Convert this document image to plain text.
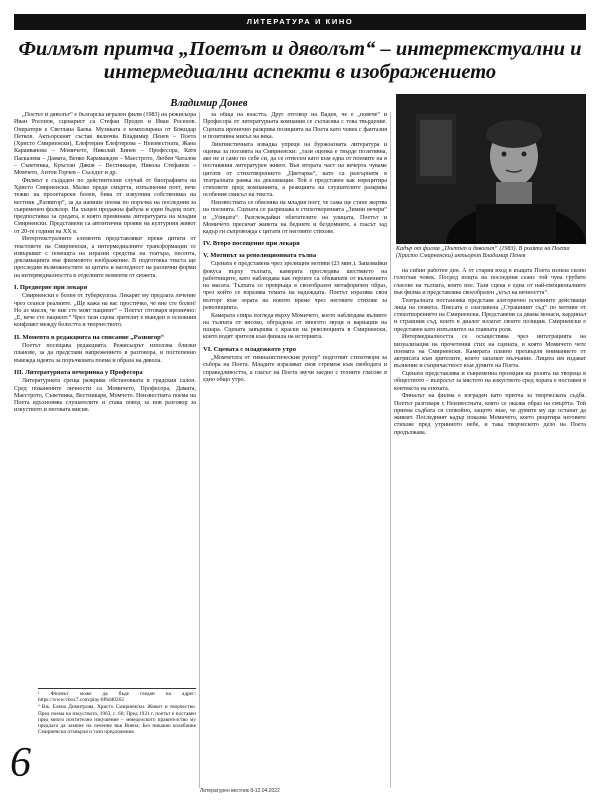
ЛИТЕРАТУРА И КИНО
Филмът притча „Поетът и дяволът“ – интертекстуални и интермедиални аспекти в изображението
Владимир Донев
Кадър от филма „Поетът и дяволът“ (1983). В ролята на Поета (Христо Смирненски) актьорът Владимир Пенев

„Поетът и дяволът“ е българска игрален филм (1983) на режисьора Иван Росенов, сценарист са Стефан Продев и Иван Росенов. Оператори е Светлана Баева. Музиката е композирана от Божидар Петков. Актьорският състав включва Владимир Пенев – Поета (Христо Смирненски), Елефтерия Елефтерова – Неизвестната, Жана Караиванова – Момичето, Николай Бинев – Професора, Катя Паскалева – Дамата, Венко Карамаждев – Маестрото, Любен Чаталов – Съветника, Кръстан Дяков – Вестникаря, Никола Стефанов – Момчето, Антон Горчев – Съседът и др.

Филмът е създаден по действителни случай от биографията на Христо Смирненски. Малко преди смъртта, изпълнения поет, вече тежко на пролетарски болен, бива от изкупния собственика на вестник „Развигор“, за да напише поема по поръчка на последния за съвременен фолклор. На хъщен продажна фабула и един бъдещ поет, предпоставка за средата, в която преминава литературата на младия Смирненски. Представени са автентични прояви на културния живот от 20-те години на ХХ в.

Интертекстуалните елементи представляват преки цитати от текстовете на Смирненски, а интермедиалните трансформации се извършват с помощта на изразни средства на театъра, песента, декламацията във филмовото изображение. В подготовка текста ще проследим възможностите за цитата и нагледност на различни форми на интермедиалността в отделните моменти от сюжета.

I. Предверие при лекаря

Смирненски е болен от туберкулоза. Лекарят му предлага лечение чрез сеанси реалните. „Ще кажа на вас простичко, че вие сте болен! Но аз мисля, че вие сте моят пациент“ – Поетът отговаря иронично: „Е, вече сте пациент.“ Чрез тази сцена зрителят е въведен в основния конфликт между болестта и творчеството.

II. Моменто в редакцията на списание „Развигор“

Поетът посещава редакцията. Режисьорът използва близки планове, за да представи напрежението в разговора, и постепенно въвежда идеята за поръчковата поема и образа на дявола.

III. Литературната вечеринка у Професора

Литературната среща разкрива обстановката в градския салон. Сред поканените личности са Момичето, Професора, Дамата, Маестрото, Съветника, Вестникаря, Момчето. Неизвестната поема на Поета вдъхновява слушателите и става повод за нов разговор за изкуството и неговата мисия.

за обща на властта. Друг отговор на Вадев, че е „повече“ и Професора от литературната компания се съгласява с това твърдение. Сцената иронично разкрива позицията на Поета като човек с фантазия и позитивна мисъл на века.

Лингвистичната извадка упреци на буржоазната литература и оценка за поезията на Смирненски: „тази оценка е твърде позитивна, ако не и само по себе си, да се отнесем като към една от поемите на в поставяния литературен живот. Във втората част на вечерта чуваме цитати от стихотворението „Цветарка“, като са разгърнати в театралната рамка на декламация. Той е представен как изрецитира стиховете пред компанията, а реакцията на слушателите разкрива особения смисъл на текста.

Неизвестната се обяснява на младия поет, че сама ще стане жертва на поезията. Сцената се разрешава в стихотворенията „Зимни вечери“ и „Улицата“. Разглеждайки обитателите на улицата, Поетът и Момичето пресичат живота на бедните и бездомните, а гласът зад кадър ги съпровожда с цитати от неговите стихове.

IV. Второ посещение при лекаря
V. Мотивът за революционната тълпа

Сцената е представена чрез зрелищни мотиви (23 мин.). Запазвайки фокуса върху тълпата, камерата проследява шествието на работниците, като наблюдава как героите са обхванати от вълнението на масата. Тълпата се превръща в своеобразен метафоричен образ, чрез който се изразява темата на надеждата. Поетът изразява своя възторг към зората на новото време чрез неговите стихове за революцията.

Камерата спира погледа върху Момичето, което наблюдава вълните на тълпата от високо, обградена от многото звуци и вариации на пазара. Сцената завършва с краски на революцията в Смирненски, които водят зрителя към финала на историята.

VI. Сцената с младежкото утро

„Момчетата от гимназистическия рупор“ подготвят стихотвори за събора на Поета. Младите изразяват своя стремеж към свободата и справедливостта, а гласът на Поета звучи заедно с техните гласове в едно общо утро.

на сибин работен ден. А от стария вход в къщата Поета излиза силно гологлав човек. Посред нощта на последния сеанс той чува грубите гласове на тълпата, която пее. Тази сцена е една от най-емоционалните във филма и представлява своеобразен „ъгъл на вечността“.

Театралната постановка представя алегорично основните действащи лица на сюжета. Пиесата е озаглавена „Страшният съд“ по мотиви от стихотворението на Смирненски. Представени са двама монаси, кардинал и страшния съд, които в диалог излагат своите позиции. Смирненски е представен като изпълнител на главната роля.

Интермедиалността се осъществява чрез интеграцията на визуализация на прочетения стих на сцената, в която Момичето чете поемата на Смирненски. Камерата плавно прехвърля вниманието от актрисата към зрителите, които запазват мълчание. Лицата им издават вълнение и съпричастност към думите на Поета.

Сцената представлява и съвременна проекция на ролята на твореца в обществото – въпросът за мястото на изкуството сред хората е поставен в контекста на епохата.

Финалът на филма е изграден като притча за творческата съдба. Поетът разговаря с Неизвестната, която се оказва образ на смъртта. Той приема съдбата си спокойно, защото знае, че думите му ще останат да живеят. Последният кадър показва Момичето, което рецитира неговите стихове пред утринното небе, и така творческото дело на Поета продължава.

¹ Филмът може да бъде гледан на адрес: https://www.vbox7.com/play:6f6d40262

² Вж. Елена Димитрова, Христо Смирненски. Живот и творчество. Пред поема на изкуството, 1963, с. 60; Пред 1921 г. поетът е поставен пред много почтително изкушение – земеделското правителство му предлага да замине на лечение във Виена; Без никакво колебание Смирненски отхвърля и тази предложение.

6
Литературен вестник 8-12.04.2022
